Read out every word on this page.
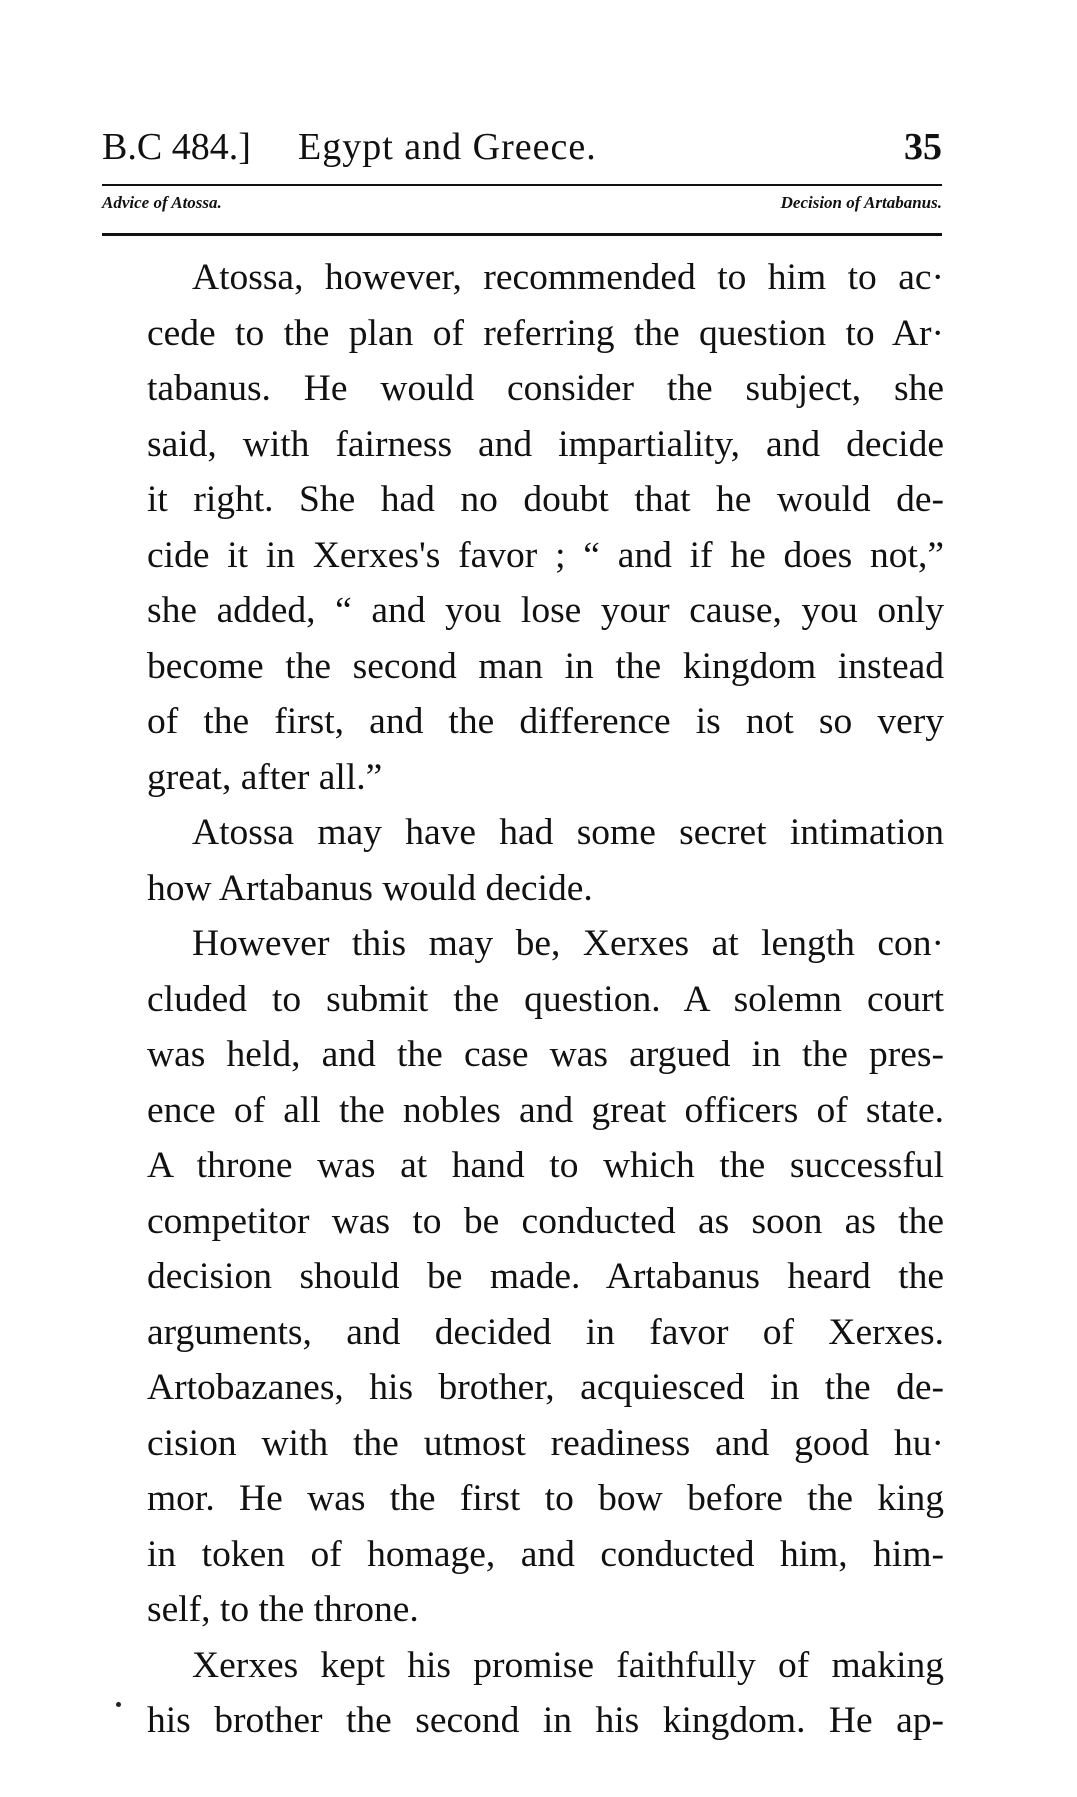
B.C 484.] Egypt and Greece.	35
Advice of Atossa.	Decision of Artabanus.
Atossa, however, recommended to him to ac·
cede to the plan of referring the question to Ar·
tabanus. He would consider the subject, she
said, with fairness and impartiality, and decide
it right. She had no doubt that he would de-
cide it in Xerxes's favor ; “ and if he does not,”
she added, “ and you lose your cause, you only
become the second man in the kingdom instead
of the first, and the difference is not so very
great, after all.”
Atossa may have had some secret intimation
how Artabanus would decide.
However this may be, Xerxes at length con·
cluded to submit the question. A solemn court
was held, and the case was argued in the pres-
ence of all the nobles and great officers of state.
A throne was at hand to which the successful
competitor was to be conducted as soon as the
decision should be made. Artabanus heard the
arguments, and decided in favor of Xerxes.
Artobazanes, his brother, acquiesced in the de-
cision with the utmost readiness and good hu·
mor. He was the first to bow before the king
in token of homage, and conducted him, him-
self, to the throne.
Xerxes kept his promise faithfully of making
his brother the second in his kingdom. He ap-
